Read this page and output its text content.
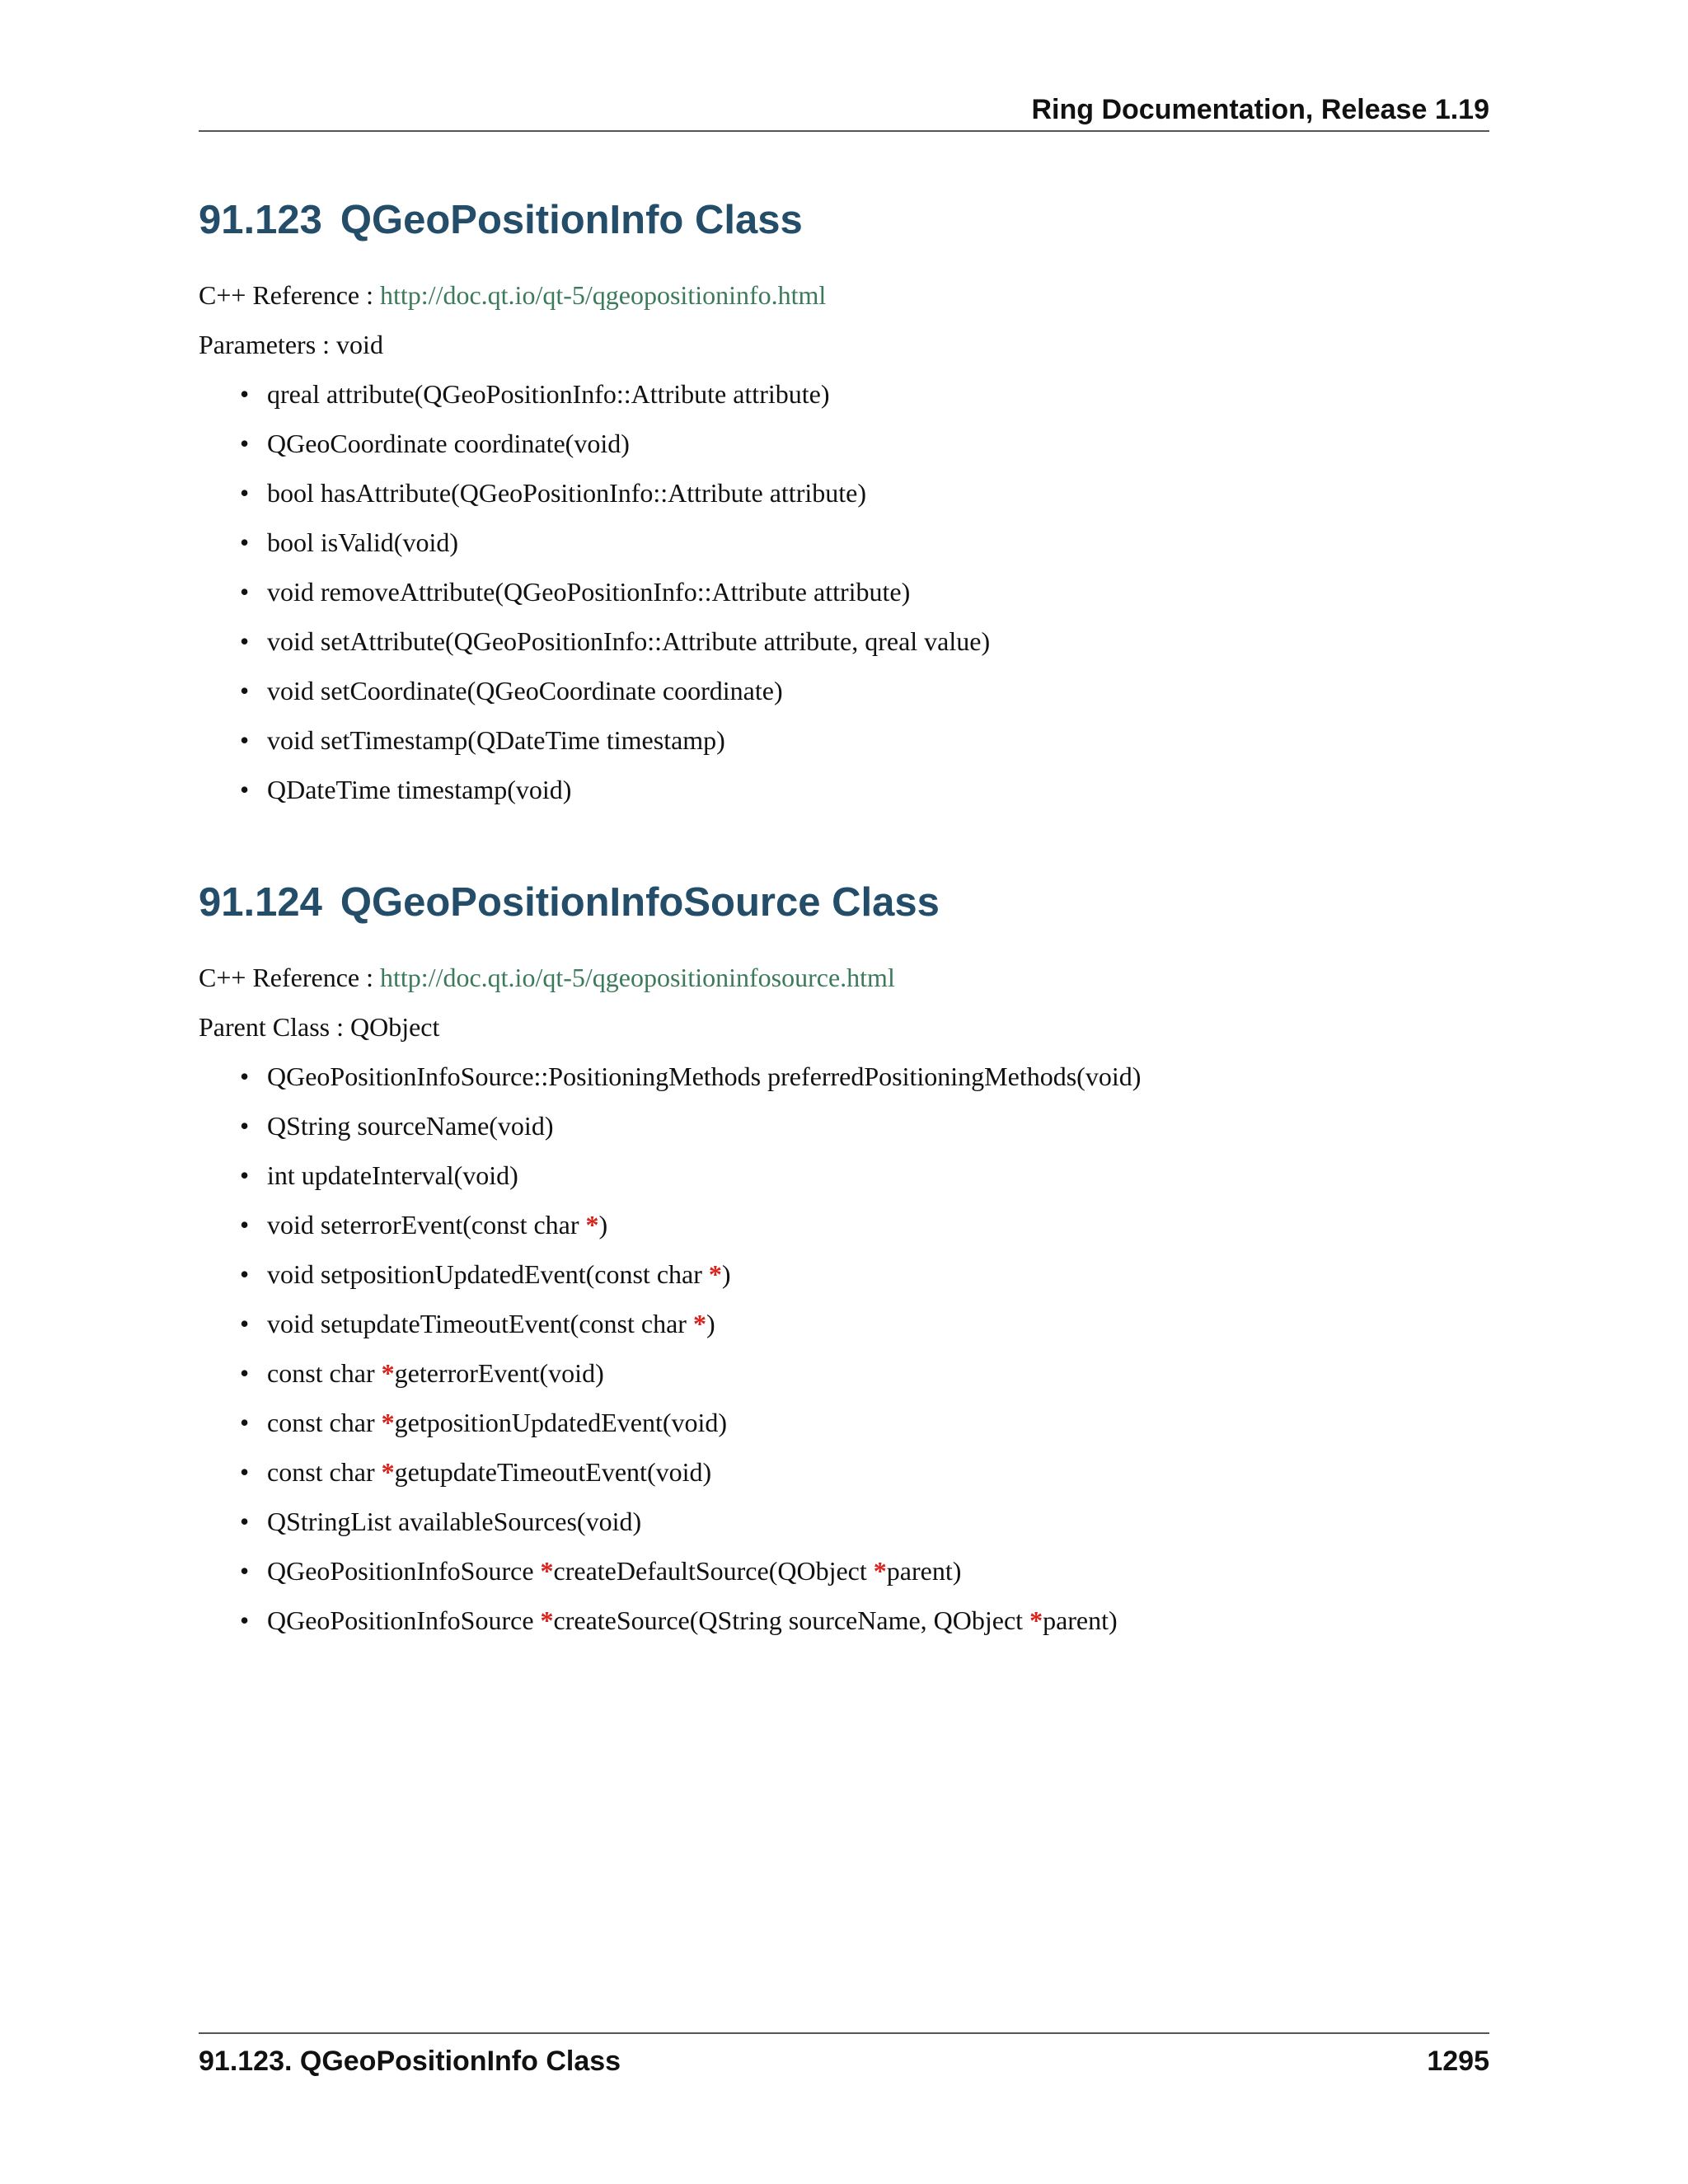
Ring Documentation, Release 1.19
91.123 QGeoPositionInfo Class

C++ Reference : http://doc.qt.io/qt-5/qgeopositioninfo.html

Parameters : void

• qreal attribute(QGeoPositionInfo::Attribute attribute)
• QGeoCoordinate coordinate(void)
• bool hasAttribute(QGeoPositionInfo::Attribute attribute)
• bool isValid(void)
• void removeAttribute(QGeoPositionInfo::Attribute attribute)
• void setAttribute(QGeoPositionInfo::Attribute attribute, qreal value)
• void setCoordinate(QGeoCoordinate coordinate)
• void setTimestamp(QDateTime timestamp)
• QDateTime timestamp(void)
91.124 QGeoPositionInfoSource Class

C++ Reference : http://doc.qt.io/qt-5/qgeopositioninfosource.html

Parent Class : QObject

• QGeoPositionInfoSource::PositioningMethods preferredPositioningMethods(void)
• QString sourceName(void)
• int updateInterval(void)
• void seterrorEvent(const char *)
• void setpositionUpdatedEvent(const char *)
• void setupdateTimeoutEvent(const char *)
• const char *geterrorEvent(void)
• const char *getpositionUpdatedEvent(void)
• const char *getupdateTimeoutEvent(void)
• QStringList availableSources(void)
• QGeoPositionInfoSource *createDefaultSource(QObject *parent)
• QGeoPositionInfoSource *createSource(QString sourceName, QObject *parent)
91.123. QGeoPositionInfo Class	1295
